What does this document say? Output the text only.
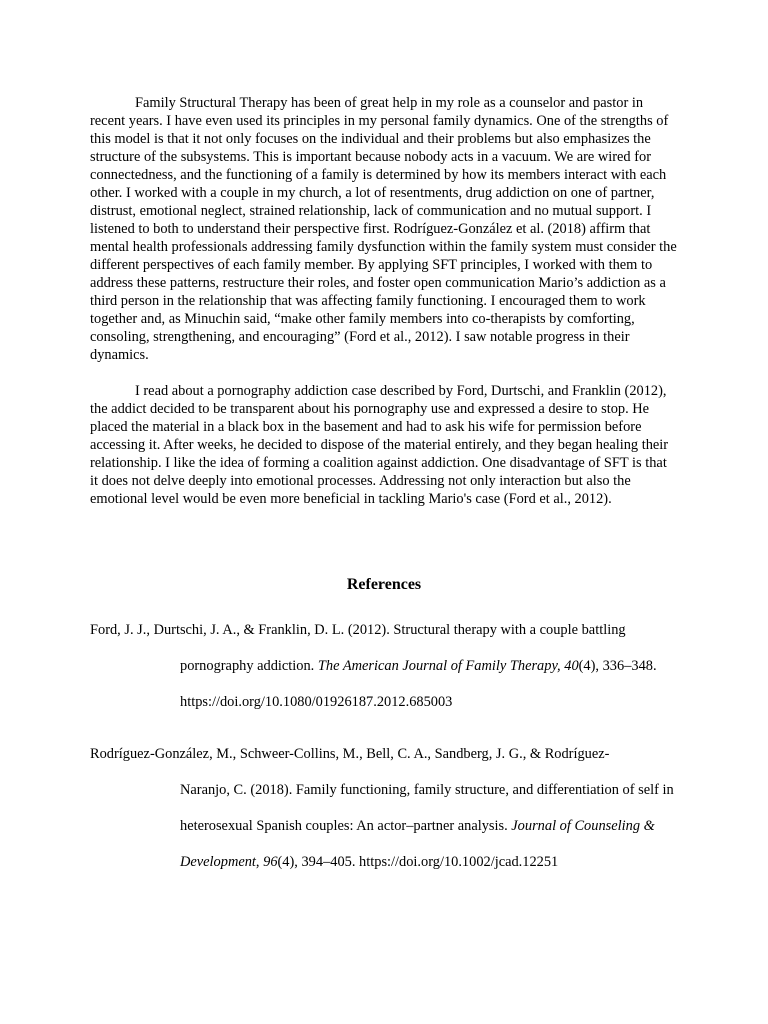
Family Structural Therapy has been of great help in my role as a counselor and pastor in recent years. I have even used its principles in my personal family dynamics. One of the strengths of this model is that it not only focuses on the individual and their problems but also emphasizes the structure of the subsystems. This is important because nobody acts in a vacuum. We are wired for connectedness, and the functioning of a family is determined by how its members interact with each other. I worked with a couple in my church, a lot of resentments, drug addiction on one of partner, distrust, emotional neglect, strained relationship, lack of communication and no mutual support. I listened to both to understand their perspective first. Rodríguez-González et al. (2018) affirm that mental health professionals addressing family dysfunction within the family system must consider the different perspectives of each family member. By applying SFT principles, I worked with them to address these patterns, restructure their roles, and foster open communication Mario’s addiction as a third person in the relationship that was affecting family functioning. I encouraged them to work together and, as Minuchin said, “make other family members into co-therapists by comforting, consoling, strengthening, and encouraging” (Ford et al., 2012). I saw notable progress in their dynamics.

I read about a pornography addiction case described by Ford, Durtschi, and Franklin (2012), the addict decided to be transparent about his pornography use and expressed a desire to stop. He placed the material in a black box in the basement and had to ask his wife for permission before accessing it. After weeks, he decided to dispose of the material entirely, and they began healing their relationship. I like the idea of forming a coalition against addiction. One disadvantage of SFT is that it does not delve deeply into emotional processes. Addressing not only interaction but also the emotional level would be even more beneficial in tackling Mario's case (Ford et al., 2012).

References

Ford, J. J., Durtschi, J. A., & Franklin, D. L. (2012). Structural therapy with a couple battling
pornography addiction. The American Journal of Family Therapy, 40(4), 336–348.
https://doi.org/10.1080/01926187.2012.685003

Rodríguez-González, M., Schweer-Collins, M., Bell, C. A., Sandberg, J. G., & Rodríguez-
Naranjo, C. (2018). Family functioning, family structure, and differentiation of self in
heterosexual Spanish couples: An actor–partner analysis. Journal of Counseling &
Development, 96(4), 394–405. https://doi.org/10.1002/jcad.12251
